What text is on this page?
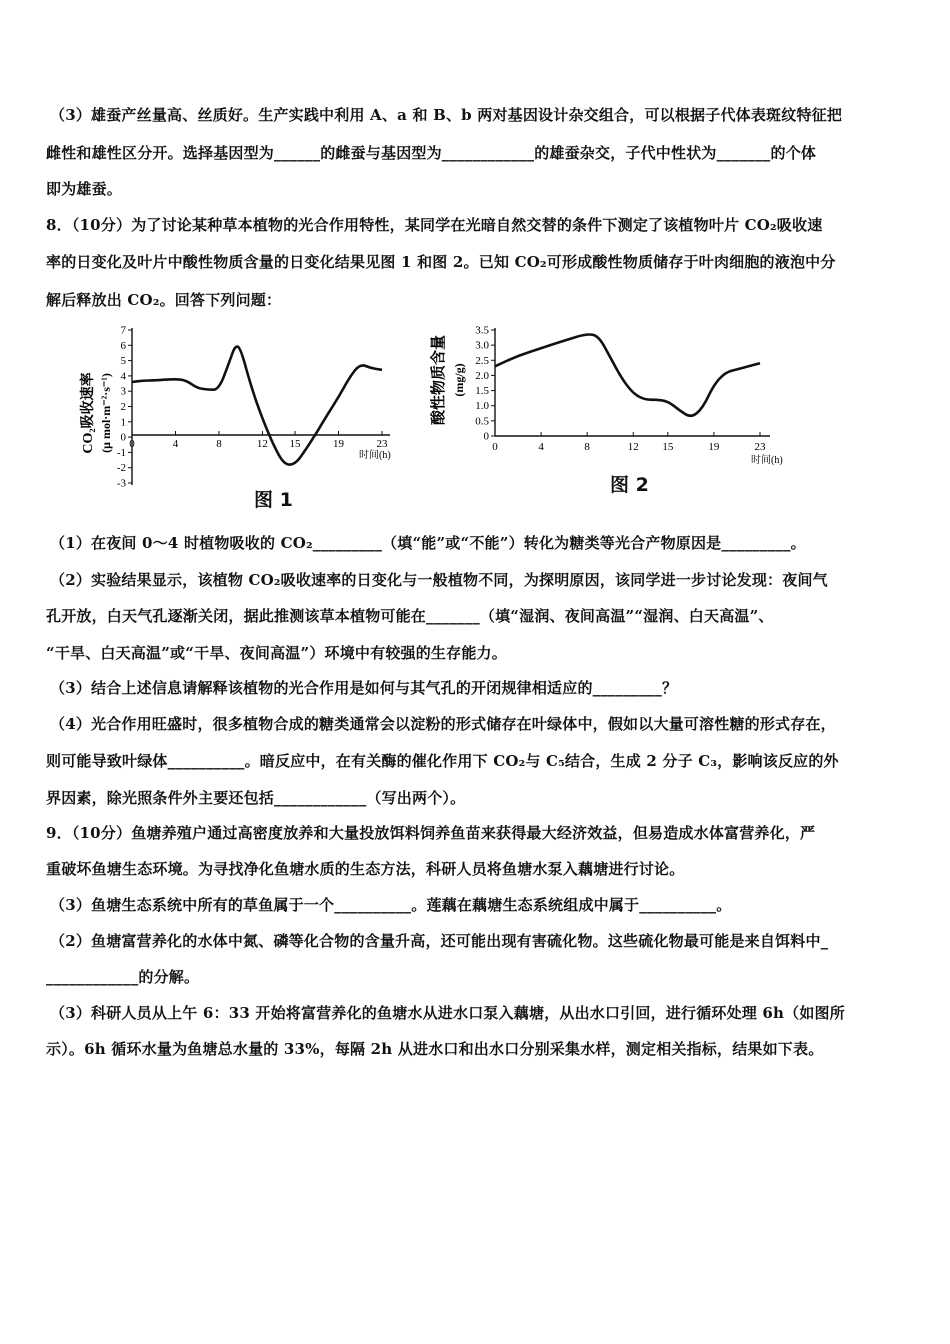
（3）雄蚕产丝量高、丝质好。生产实践中利用 A、a 和 B、b 两对基因设计杂交组合，可以根据子代体表斑纹特征把
雌性和雄性区分开。选择基因型为______的雌蚕与基因型为____________的雄蚕杂交，子代中性状为_______的个体
即为雄蚕。
8．（10分）为了讨论某种草本植物的光合作用特性，某同学在光暗自然交替的条件下测定了该植物叶片 CO₂吸收速
率的日变化及叶片中酸性物质含量的日变化结果见图 1 和图 2。已知 CO₂可形成酸性物质储存于叶肉细胞的液泡中分
解后释放出 CO₂。回答下列问题：
7
6
5
4
3
2
1
0
-1
-2
-3
0	4	8	12 15	19	23
时间(h)
CO₂吸收速率 (μ mol·m⁻²·s⁻¹)
图 1
3.5
3.0
2.5
2.0
1.5
1.0
0.5
0
0	4	8	12 15	19	23
时间(h)
酸性物质含量 (mg/g)
图 2
（1）在夜间 0～4 时植物吸收的 CO₂_________（填“能”或“不能”）转化为糖类等光合产物原因是_________。
（2）实验结果显示，该植物 CO₂吸收速率的日变化与一般植物不同，为探明原因，该同学进一步讨论发现：夜间气
孔开放，白天气孔逐渐关闭，据此推测该草本植物可能在_______（填“湿润、夜间高温”“湿润、白天高温”、
“干旱、白天高温”或“干旱、夜间高温”）环境中有较强的生存能力。
（3）结合上述信息请解释该植物的光合作用是如何与其气孔的开闭规律相适应的_________？
（4）光合作用旺盛时，很多植物合成的糖类通常会以淀粉的形式储存在叶绿体中，假如以大量可溶性糖的形式存在，
则可能导致叶绿体__________。暗反应中，在有关酶的催化作用下 CO₂与 C₅结合，生成 2 分子 C₃，影响该反应的外
界因素，除光照条件外主要还包括____________（写出两个）。
9．（10分）鱼塘养殖户通过高密度放养和大量投放饵料饲养鱼苗来获得最大经济效益，但易造成水体富营养化，严
重破坏鱼塘生态环境。为寻找净化鱼塘水质的生态方法，科研人员将鱼塘水泵入藕塘进行讨论。
（3）鱼塘生态系统中所有的草鱼属于一个__________。莲藕在藕塘生态系统组成中属于__________。
（2）鱼塘富营养化的水体中氮、磷等化合物的含量升高，还可能出现有害硫化物。这些硫化物最可能是来自饵料中_
____________的分解。
（3）科研人员从上午 6：33 开始将富营养化的鱼塘水从进水口泵入藕塘，从出水口引回，进行循环处理 6h（如图所
示）。6h 循环水量为鱼塘总水量的 33%，每隔 2h 从进水口和出水口分别采集水样，测定相关指标，结果如下表。
